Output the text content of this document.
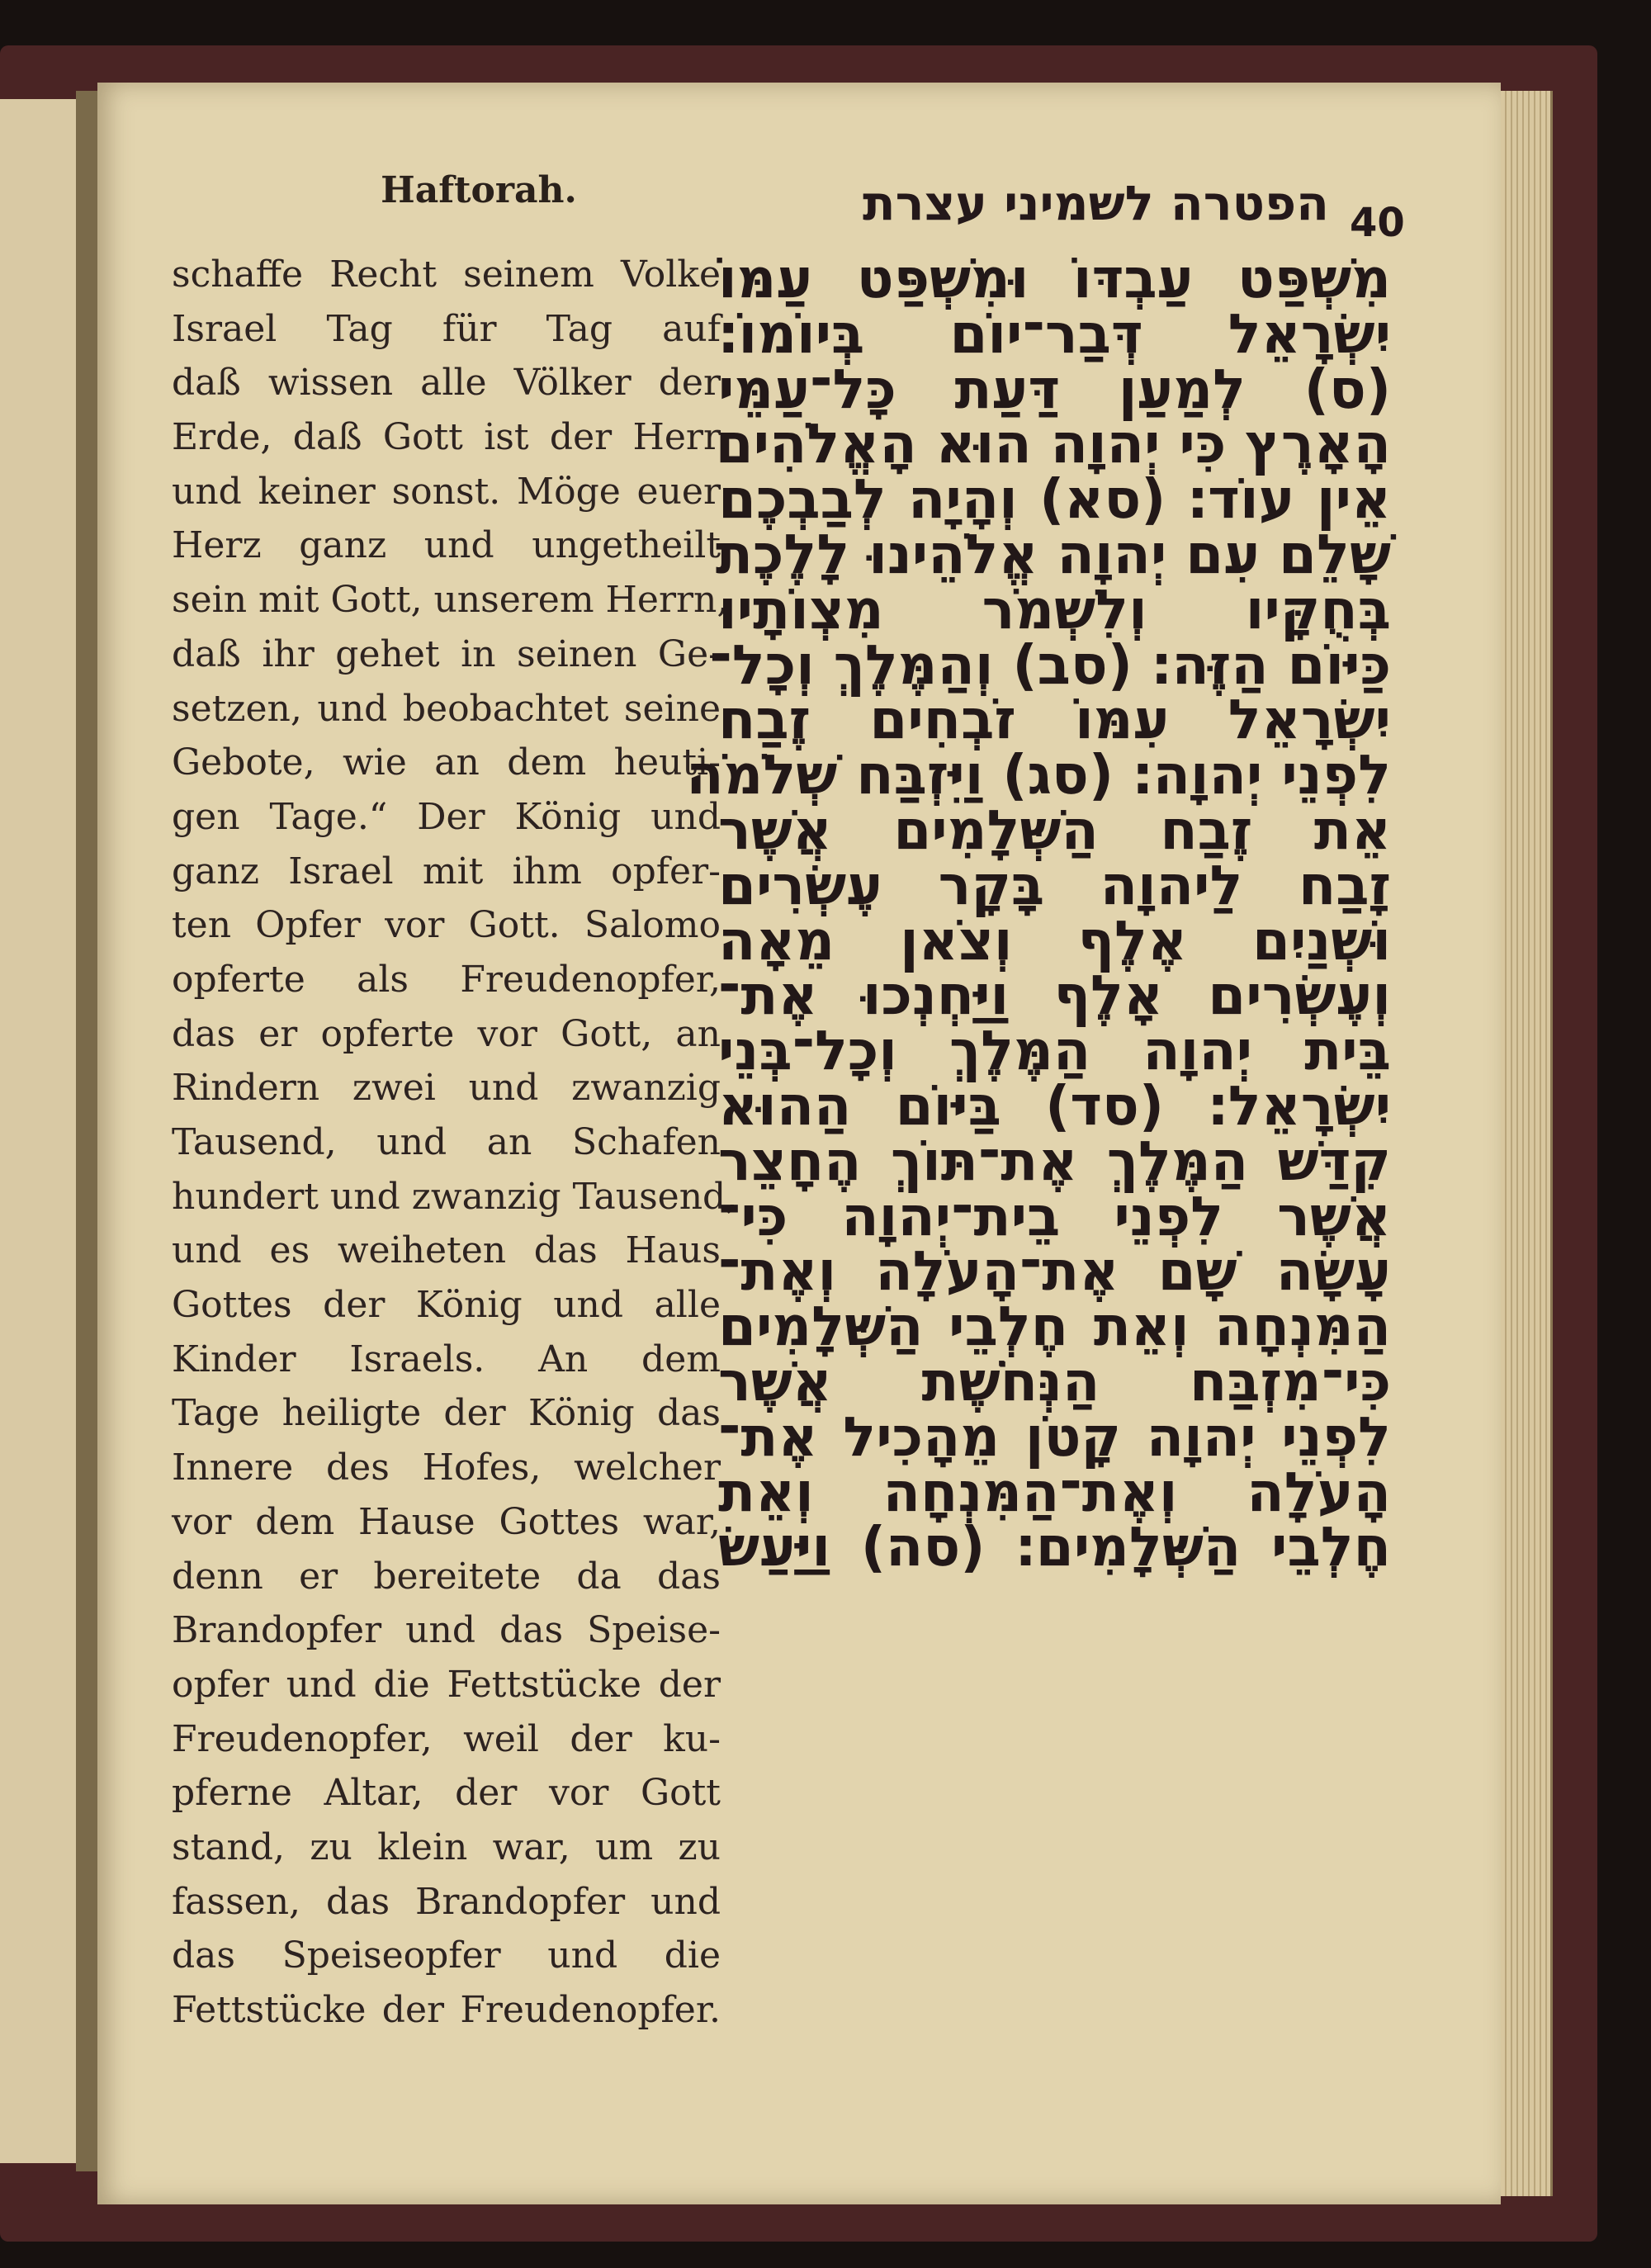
Haftorah.	הפטרה לשמיני עצרת 40
schaffe Recht seinem Volke
Israel Tag für Tag auf
daß wissen alle Völker der
Erde, daß Gott ist der Herr
und keiner sonst. Möge euer
Herz ganz und ungetheilt
sein mit Gott, unserem Herrn,
daß ihr gehet in seinen Ge-
setzen, und beobachtet seine
Gebote, wie an dem heuti-
gen Tage.“ Der König und
ganz Israel mit ihm opfer-
ten Opfer vor Gott. Salomo
opferte als Freudenopfer,
das er opferte vor Gott, an
Rindern zwei und zwanzig
Tausend, und an Schafen
hundert und zwanzig Tausend,
und es weiheten das Haus
Gottes der König und alle
Kinder Israels. An dem
Tage heiligte der König das
Innere des Hofes, welcher
vor dem Hause Gottes war,
denn er bereitete da das
Brandopfer und das Speise-
opfer und die Fettstücke der
Freudenopfer, weil der ku-
pferne Altar, der vor Gott
stand, zu klein war, um zu
fassen, das Brandopfer und
das Speiseopfer und die
Fettstücke der Freudenopfer.
מִשְׁפַּט עַבְדּוֹ וּמִשְׁפַּט עַמּוֹ
יִשְׂרָאֵל דְּבַר־יוֹם בְּיוֹמוֹ׃
(ס) לְמַעַן דַּעַת כָּל־עַמֵּי
הָאָרֶץ כִּי יְהוָה הוּא הָאֱלֹהִים
אֵין עוֹד׃ (סא) וְהָיָה לְבַבְכֶם
שָׁלֵם עִם יְהוָה אֱלֹהֵינוּ לָלֶכֶת
בְּחֻקָּיו וְלִשְׁמֹר מִצְוֹתָיו
כַּיּוֹם הַזֶּה׃ (סב) וְהַמֶּלֶךְ וְכָל־
יִשְׂרָאֵל עִמּוֹ זֹבְחִים זֶבַח
לִפְנֵי יְהוָה׃ (סג) וַיִּזְבַּח שְׁלֹמֹה
אֵת זֶבַח הַשְּׁלָמִים אֲשֶׁר
זָבַח לַיהוָה בָּקָר עֶשְׂרִים
וּשְׁנַיִם אֶלֶף וְצֹאן מֵאָה
וְעֶשְׂרִים אָלֶף וַיַּחְנְכוּ אֶת־
בֵּית יְהוָה הַמֶּלֶךְ וְכָל־בְּנֵי
יִשְׂרָאֵל׃ (סד) בַּיּוֹם הַהוּא
קִדַּשׁ הַמֶּלֶךְ אֶת־תּוֹךְ הֶחָצֵר
אֲשֶׁר לִפְנֵי בֵית־יְהוָה כִּי־
עָשָׂה שָׁם אֶת־הָעֹלָה וְאֶת־
הַמִּנְחָה וְאֵת חֶלְבֵי הַשְּׁלָמִים
כִּי־מִזְבַּח הַנְּחֹשֶׁת אֲשֶׁר
לִפְנֵי יְהוָה קָטֹן מֵהָכִיל אֶת־
הָעֹלָה וְאֶת־הַמִּנְחָה וְאֵת
חֶלְבֵי הַשְּׁלָמִים׃ (סה) וַיַּעַשׂ
